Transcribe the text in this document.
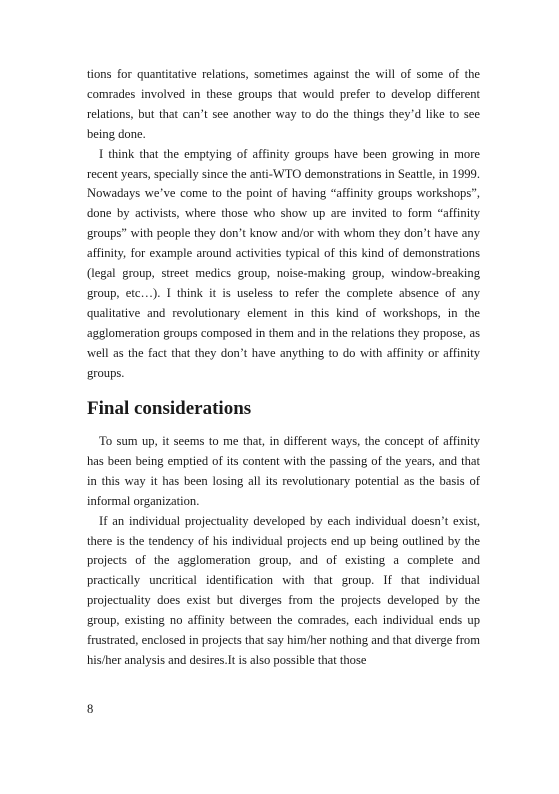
tions for quantitative relations, sometimes against the will of some of the comrades involved in these groups that would prefer to develop different relations, but that can’t see another way to do the things they’d like to see being done.

I think that the emptying of affinity groups have been growing in more recent years, specially since the anti-WTO demonstrations in Seattle, in 1999. Nowadays we’ve come to the point of having “affinity groups workshops”, done by activists, where those who show up are invited to form “affinity groups” with people they don’t know and/or with whom they don’t have any affinity, for example around activities typical of this kind of demonstrations (legal group, street medics group, noise-making group, window-breaking group, etc…). I think it is useless to refer the complete absence of any qualitative and revolutionary element in this kind of workshops, in the agglomeration groups composed in them and in the relations they propose, as well as the fact that they don’t have anything to do with affinity or affinity groups.

Final considerations

To sum up, it seems to me that, in different ways, the concept of affinity has been being emptied of its content with the passing of the years, and that in this way it has been losing all its revolutionary potential as the basis of informal organization.

If an individual projectuality developed by each individual doesn’t exist, there is the tendency of his individual projects end up being outlined by the projects of the agglomeration group, and of existing a complete and practically uncritical identification with that group. If that individual projectuality does exist but diverges from the projects developed by the group, existing no affinity between the comrades, each individual ends up frustrated, enclosed in projects that say him/her nothing and that diverge from his/her analysis and desires.It is also possible that those

8
